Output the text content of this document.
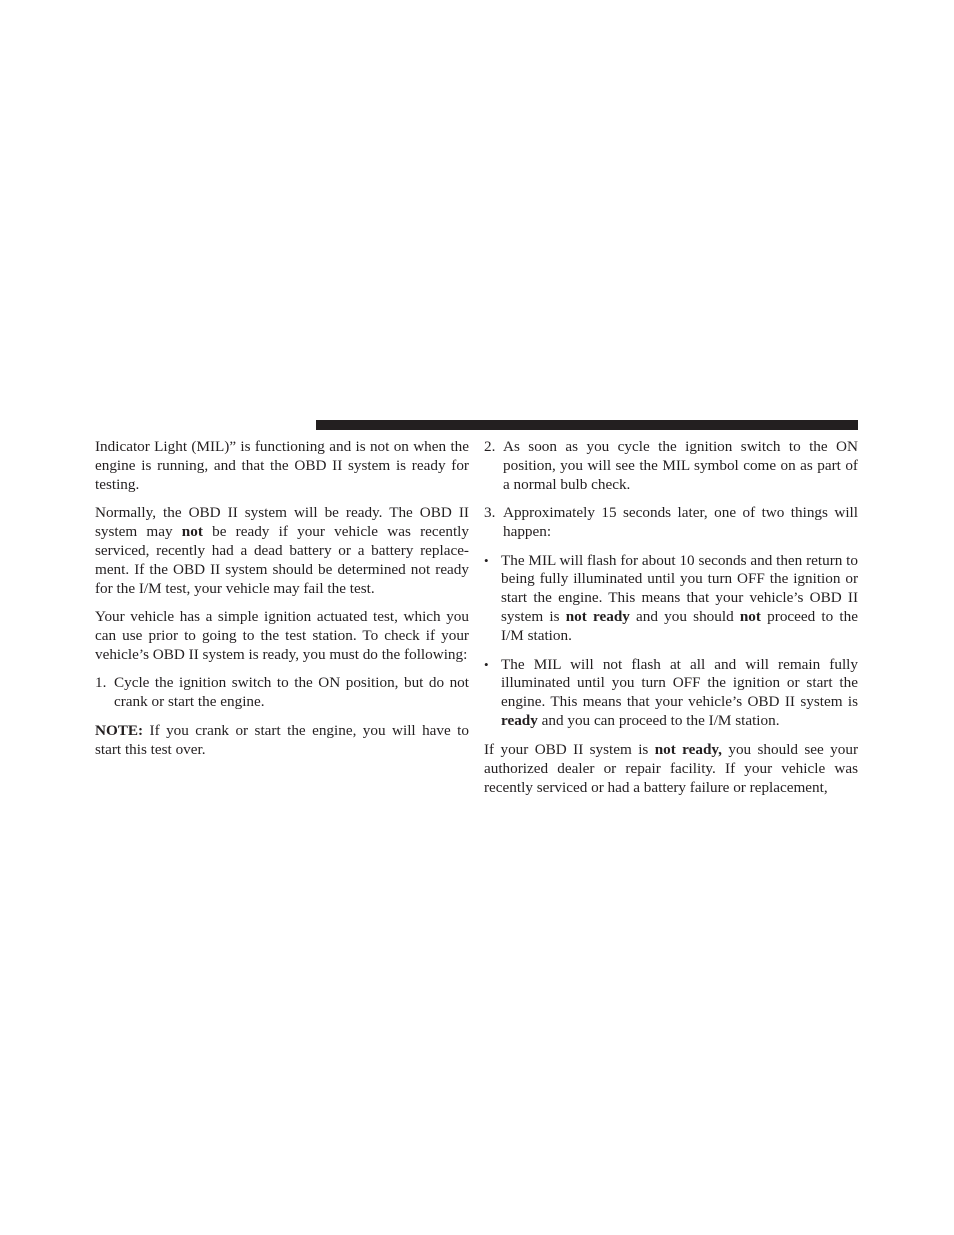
Indicator Light (MIL)” is functioning and is not on when the engine is running, and that the OBD II system is ready for testing.

Normally, the OBD II system will be ready. The OBD II system may not be ready if your vehicle was recently serviced, recently had a dead battery or a battery replace-ment. If the OBD II system should be determined not ready for the I/M test, your vehicle may fail the test.

Your vehicle has a simple ignition actuated test, which you can use prior to going to the test station. To check if your vehicle’s OBD II system is ready, you must do the following:

1. Cycle the ignition switch to the ON position, but do not crank or start the engine.

NOTE: If you crank or start the engine, you will have to start this test over.

2. As soon as you cycle the ignition switch to the ON position, you will see the MIL symbol come on as part of a normal bulb check.
3. Approximately 15 seconds later, one of two things will happen:
• The MIL will flash for about 10 seconds and then return to being fully illuminated until you turn OFF the ignition or start the engine. This means that your vehicle’s OBD II system is not ready and you should not proceed to the I/M station.
• The MIL will not flash at all and will remain fully illuminated until you turn OFF the ignition or start the engine. This means that your vehicle’s OBD II system is ready and you can proceed to the I/M station.

If your OBD II system is not ready, you should see your authorized dealer or repair facility. If your vehicle was recently serviced or had a battery failure or replacement,
